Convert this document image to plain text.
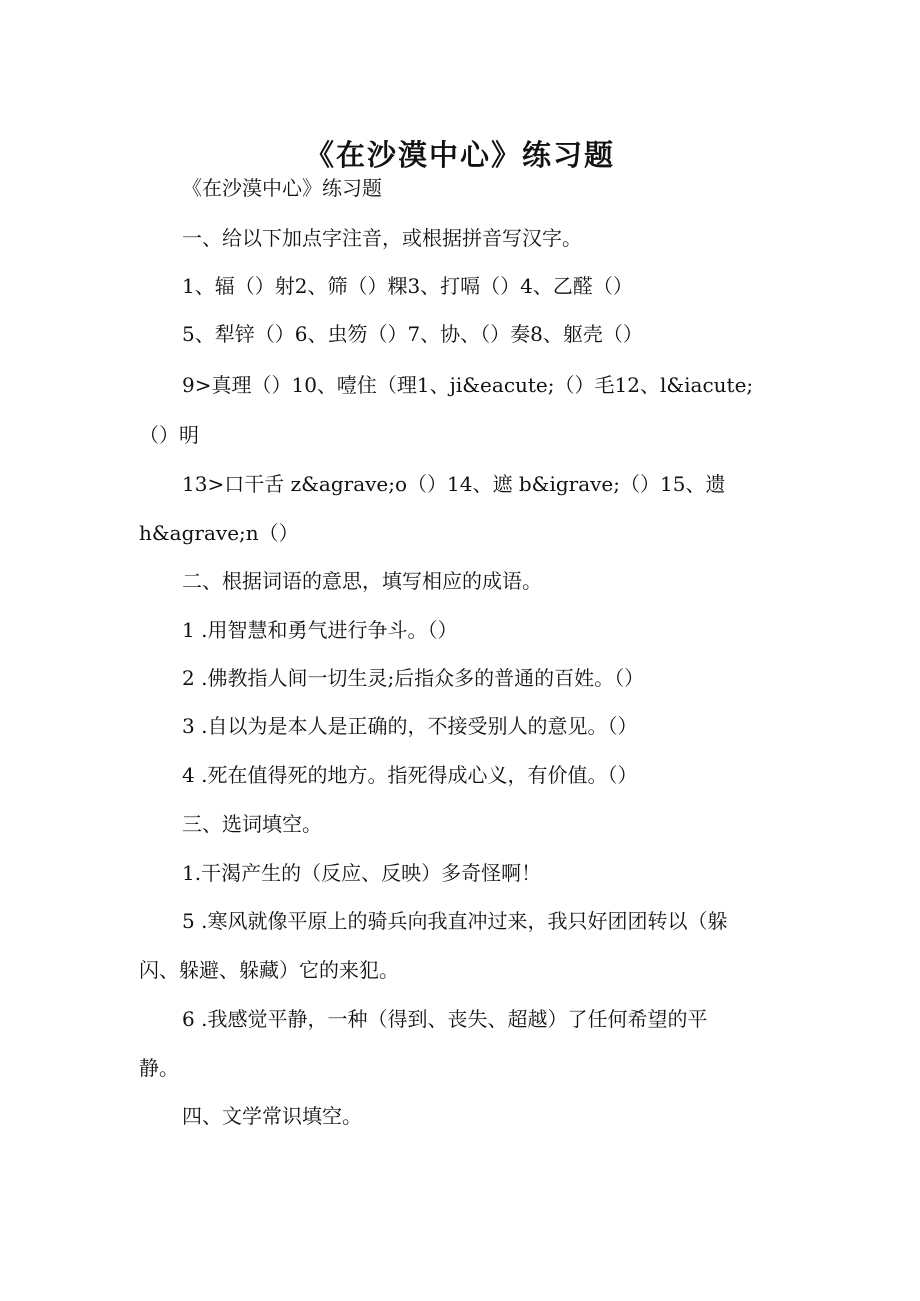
《在沙漠中心》练习题

《在沙漠中心》练习题

一、给以下加点字注音，或根据拼音写汉字。

1、辐（）射2、筛（）粿3、打嗝（）4、乙醛（）

5、犁锌（）6、虫笏（）7、协、（）奏8、躯壳（）

9>真理（）10、噎住（理1、ji&eacute;（）毛12、l&iacute;

（）明

13>口干舌 z&agrave;o（）14、遮 b&igrave;（）15、遗

h&agrave;n（）

二、根据词语的意思，填写相应的成语。

1 .用智慧和勇气进行争斗。（）

2 .佛教指人间一切生灵;后指众多的普通的百姓。（）

3 .自以为是本人是正确的，不接受别人的意见。（）

4 .死在值得死的地方。指死得成心义，有价值。（）

三、选词填空。

1.干渴产生的（反应、反映）多奇怪啊！

5 .寒风就像平原上的骑兵向我直冲过来，我只好团团转以（躲

闪、躲避、躲藏）它的来犯。

6 .我感觉平静，一种（得到、丧失、超越）了任何希望的平

静。

四、文学常识填空。
